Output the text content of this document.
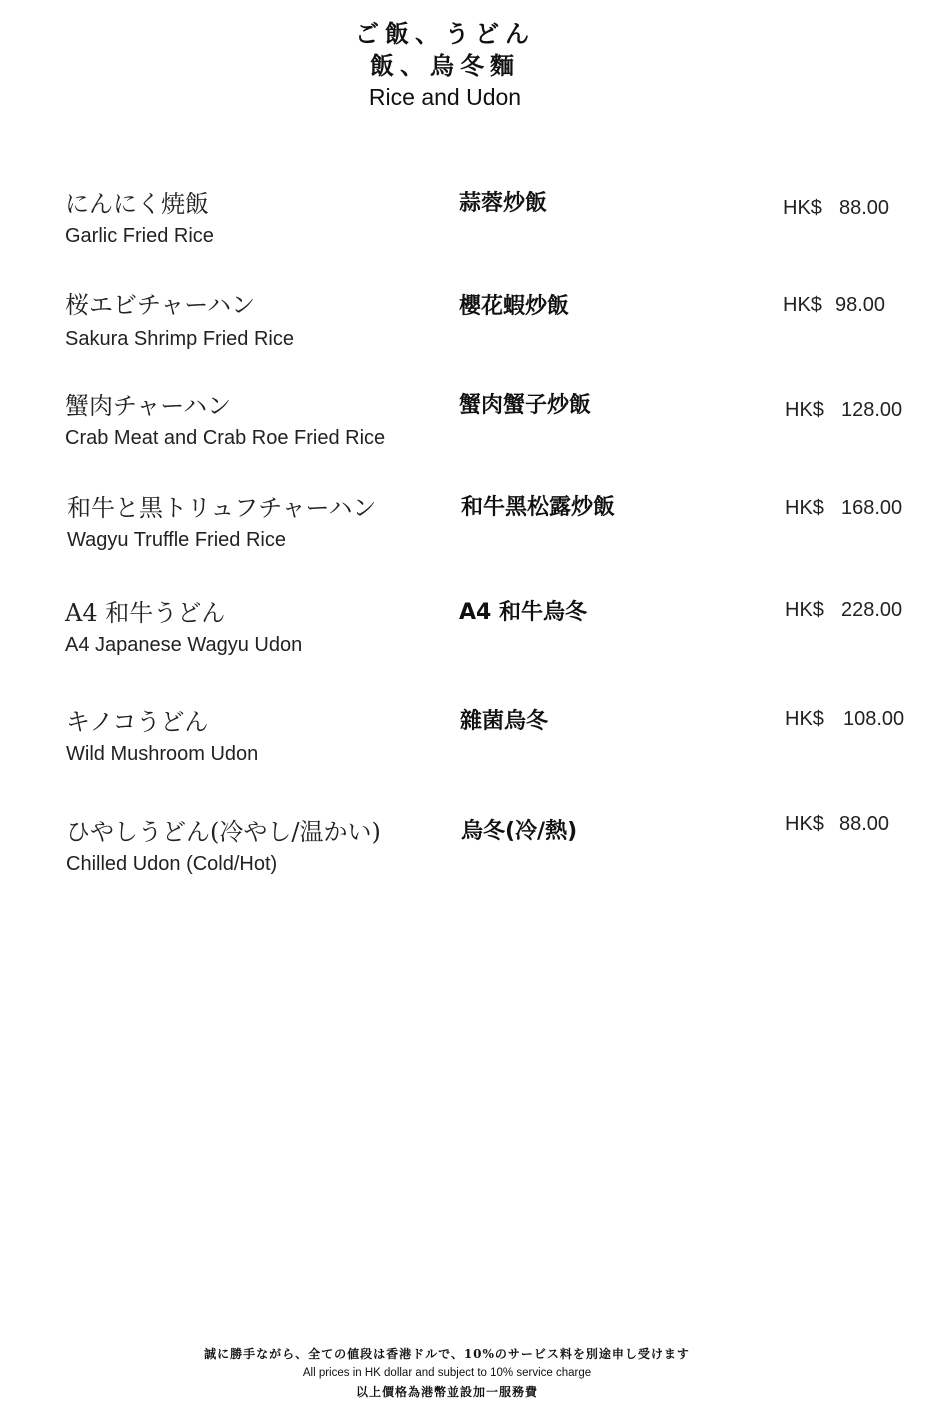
ご飯、うどん
飯、烏冬麵
Rice and Udon
にんにく焼飯
Garlic Fried Rice
蒜蓉炒飯	HK$ 88.00
桜エビチャーハン
Sakura Shrimp Fried Rice
櫻花蝦炒飯	HK$ 98.00
蟹肉チャーハン
Crab Meat and Crab Roe Fried Rice
蟹肉蟹子炒飯	HK$ 128.00
和牛と黒トリュフチャーハン
Wagyu Truffle Fried Rice
和牛黑松露炒飯	HK$ 168.00
A4 和牛うどん
A4 Japanese Wagyu Udon
A4 和牛烏冬	HK$ 228.00
キノコうどん
Wild Mushroom Udon
雜菌烏冬	HK$ 108.00
ひやしうどん(冷やし/温かい)
Chilled Udon (Cold/Hot)
烏冬(冷/熱)	HK$ 88.00
誠に勝手ながら、全ての値段は香港ドルで、10%のサービス料を別途申し受けます
All prices in HK dollar and subject to 10% service charge
以上價格為港幣並設加一服務費
